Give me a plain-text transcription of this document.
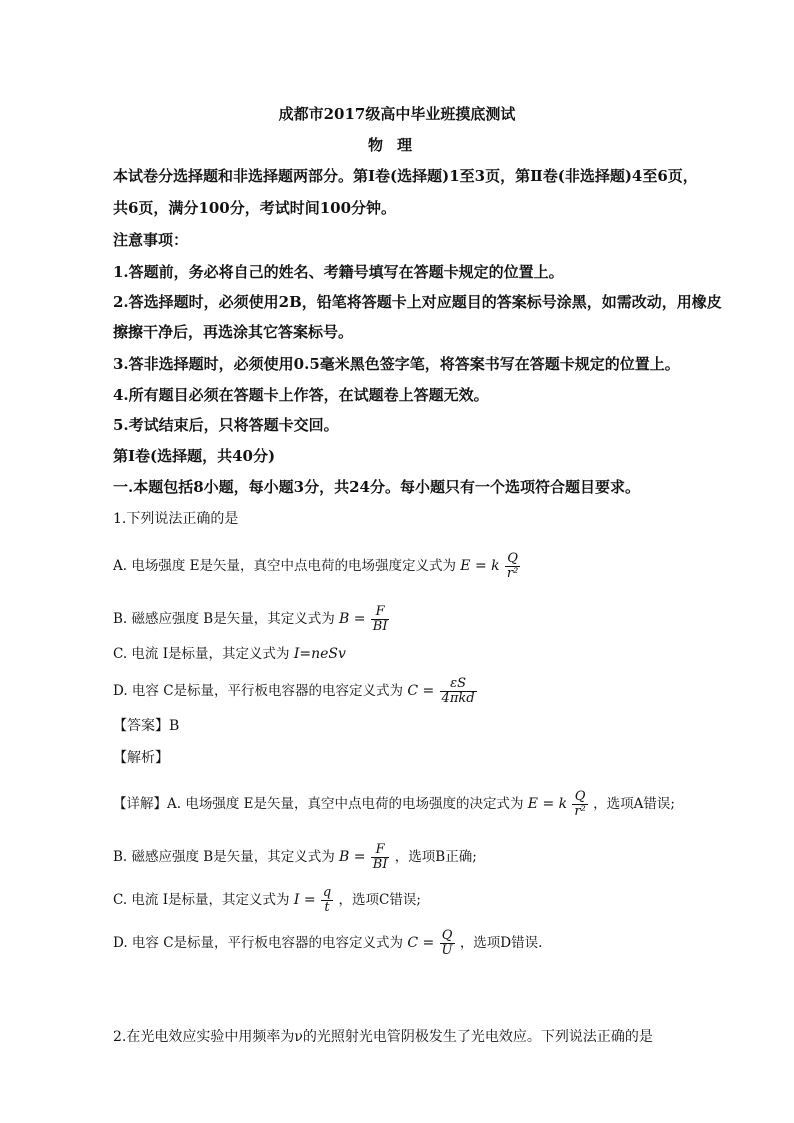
成都市2017级高中毕业班摸底测试
物理
本试卷分选择题和非选择题两部分。第Ⅰ卷(选择题)1至3页，第Ⅱ卷(非选择题)4至6页，
共6页，满分100分，考试时间100分钟。
注意事项：
1.答题前，务必将自己的姓名、考籍号填写在答题卡规定的位置上。
2.答选择题时，必须使用2B，铅笔将答题卡上对应题目的答案标号涂黑，如需改动，用橡皮
擦擦干净后，再选涂其它答案标号。
3.答非选择题时，必须使用0.5毫米黑色签字笔，将答案书写在答题卡规定的位置上。
4.所有题目必须在答题卡上作答，在试题卷上答题无效。
5.考试结束后，只将答题卡交回。
第Ⅰ卷(选择题，共40分)
一.本题包括8小题，每小题3分，共24分。每小题只有一个选项符合题目要求。
1.下列说法正确的是
A. 电场强度 E是矢量，真空中点电荷的电场强度定义式为 E = k $\frac{Q}{\text{r²}}$
B. 磁感应强度 B是矢量，其定义式为 $B = \frac{F}{BI}$
C. 电流 I是标量，其定义式为 I=neSv
D. 电容 C是标量，平行板电容器的电容定义式为 $C = \frac{\varepsilon S}{\text{4πkd}}$
【答案】B
【解析】
【详解】A. 电场强度 E是矢量，真空中点电荷的电场强度的决定式为 E = k $\frac{Q}{\text{r²}}$ ，选项A错误;
B. 磁感应强度 B是矢量，其定义式为 $B = \frac{F}{BI}$ ，选项B正确;
C. 电流 I是标量，其定义式为 $I = \frac{q}{t}$ ，选项C错误;
D. 电容 C是标量，平行板电容器的电容定义式为 $C = \frac{Q}{U}$ ，选项D错误.
2.在光电效应实验中用频率为ν的光照射光电管阴极发生了光电效应。下列说法正确的是
